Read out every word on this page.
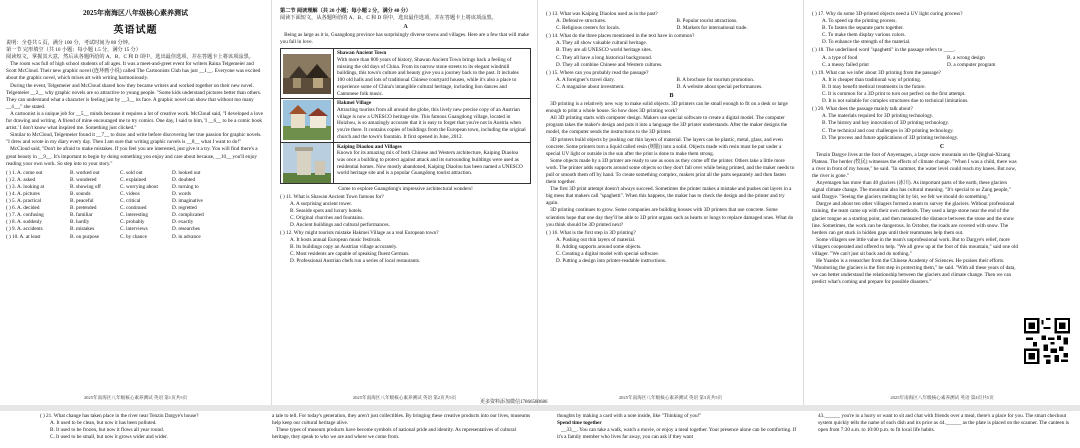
2025年南海区八年级核心素养测试
英语试题
说明：全卷共 5 页，满分 100 分，考试时间为 80 分钟。
第一节 完形填空（共 10 小题；每小题 1.5 分，满分 15 分）
阅读短文，掌握其大意，然后从各题所给的 A、B、C 和 D 项中，选出最佳选项，并在答题卡上将该项涂黑。

The room was full of high school students of all ages. It was a meet-and-greet event for writers Raina Telgemeier and Scott McCloud. Their new graphic novel (连环画小说) called The Cartoonists Club has just __1__. Everyone was excited about the graphic novel, which mixes art with writing harmoniously.

During the event, Telgemeier and McCloud shared how they became writers and worked together on their new novel. Telgemeier __2__ why graphic novels are so attractive to young people. "Some kids understand pictures better than others. They can understand what a character is feeling just by __3__ its face. A graphic novel can show that without too many __4__," she stated.

A cartoonist is a unique job for __5__ minds because it requires a lot of creative work. McCloud said, "I developed a love for drawing and writing. A friend of mine encouraged me to try comics. One day, I said to him, 'I __6__ to be a comic book artist.' I don't know what inspired me. Something just clicked."

Similar to McCloud, Telgemeier found it __7__ to draw and write before discovering her true passion for graphic novels. "I drew and wrote in my diary every day. Then I am sure that writing graphic novels is __8__ what I want to do!"

McCloud said, "Don't be afraid to make mistakes. If you feel you are interested, just give it a try. You will find there's a great beauty in __9__. It's important to begin by doing something you enjoy and care about because, __10__ you'll enjoy reading your own work. So step into to your story."

( ) 1. A. come out	B. worked out	C. sold out	D. looked out
( ) 2. A. asked	B. wondered	C. explained	D. doubted
( ) 3. A. looking at	B. showing off	C. worrying about	D. turning to
( ) 4. A. pictures	B. sounds	C. videos	D. words
( ) 5. A. practical	B. peaceful	C. critical	D. imaginative
( ) 6. A. decided	B. pretended	C. continued	D. regretted
( ) 7. A. confusing	B. familiar	C. interesting	D. complicated
( ) 8. A. suddenly	B. hardly	C. probably	D. exactly
( ) 9. A. accidents	B. mistakes	C. interviews	D. researches
( ) 10. A. at least	B. on purpose	C. by chance	D. in advance
2025年南海区八年级核心素养测试 英语 第1页共5页
第二节 阅读理解（共 20 小题；每小题 2 分，满分 40 分）
阅读下面短文，从各题所给的 A、B、C 和 D 项中，选出最佳选项，并在答题卡上将该项涂黑。
A

Being as large as it is, Guangdong province has surprisingly diverse towns and villages. Here are a few that will make you fall in love.

Shawan Ancient Town
With more than 800 years of history, Shawan Ancient Town brings back a feeling of missing the old days of China. From its narrow stone streets to its elegant windmill buildings, this town's culture and beauty give you a journey back to the past. It includes 100 old halls and lots of traditional Chinese courtyard houses, while it's also a place to experience some of China's intangible cultural heritage, including lion dances and Cantonese folk music.
Hakmei Village
Attracting tourists from all around the globe, this lively new precise copy of an Austrian village is now a UNESCO heritage site. This famous Guangdong village, located in Huizhou, is so amazingly accurate that it is easy to forget that you're not in Austria when you're there. It contains copies of buildings from the European town, including the original church and the town's fountain. It first opened in June, 2012.
Kaiping Diaolou and Villages
Known for its amazing mix of both Chinese and Western architecture, Kaiping Diaolou was once a building to protect against attack and its surrounding buildings were used as residential homes. Now mostly abandoned, Kaiping Diaolou has been named a UNESCO world heritage site and is a popular Guangdong tourist attraction.
Come to explore Guangdong's impressive architectural wonders!
( ) 11. What is Shawan Ancient Town famous for?
A. A surprising ancient tower.
B. Seaside spots and luxury hotels.
C. Original churches and fountains.
D. Ancient buildings and cultural performances.
( ) 12. Why might tourists mistake Hakmei Village as a real European town?
A. It hosts annual European music festivals.
B. Its buildings copy an Austrian village accurately.
C. Most residents are capable of speaking fluent German.
D. Professional Austrian chefs run a series of local restaurants.
2025年南海区八年级核心素养测试 英语 第2页共5页
( ) 13. What was Kaiping Diaolou used as in the past?
A. Defensive structures.	B. Popular tourist attractions.
C. Religious centers for locals.	D. Markets for international trade.
( ) 14. What do the three places mentioned in the text have in common?
A. They all show valuable cultural heritage.
B. They are all UNESCO world heritage sites.
C. They all have a long historical background.
D. They all combine Chinese and Western cultures.
( ) 15. Where can you probably read the passage?
A. A foreigner's travel diary.	B. A brochure for tourism promotion.
C. A magazine about investment.	D. A website about special performances.
B

3D printing is a relatively new way to make solid objects. 3D printers can be small enough to fit on a desk or large enough to print a whole house. So how does 3D printing work?

All 3D printing starts with computer design. Makers use special software to create a digital model. The computer program takes the maker's design and puts it into a language the 3D printer understands. After the maker designs the model, the computer sends the instructions to the 3D printer.

3D printers build objects by pushing out thin layers of material. The layers can be plastic, metal, glass, and even concrete. Some printers turn a liquid called resin (树脂) into a solid. Objects made with resin must be put under a special UV light or outside in the sun after the print is done to make them strong.

Some objects made by a 3D printer are ready to use as soon as they come off the printer. Others take a little more work. The printer adds supports around some objects so they don't fall over while being printed, and the maker needs to pull or smooth them off by hand. To create something complex, makers print all the parts separately and then fasten them together.

The first 3D print attempt doesn't always succeed. Sometimes the printer makes a mistake and pushes out layers in a big mess that makers call "spaghetti". When this happens, the maker has to check the design and the printer and try again.

3D printing continues to grow. Some companies are building houses with 3D printers that use concrete. Some scientists hope that one day they'll be able to 3D print organs such as hearts or lungs to replace damaged ones. What do you think should be 3D printed next?

( ) 16. What is the first step in 3D printing?
A. Pushing out thin layers of material.
B. Adding supports around some objects.
C. Creating a digital model with special software.
D. Putting a design into printer-readable instructions.
2025年南海区八年级核心素养测试 英语 第3页共5页
( ) 17. Why do some 3D-printed objects need a UV light curing process?
A. To speed up the printing process.
B. To fasten the separate parts together.
C. To make them display various colors.
D. To enhance the strength of the material.
( ) 18. The underlined word "spaghetti" in the passage refers to ____.
A. a type of food	B. a wrong design
C. a messy failed print	D. a computer program
( ) 19. What can we infer about 3D printing from the passage?
A. It is cheaper than traditional way of printing.
B. It may benefit medical treatments in the future.
C. It is common for a 3D print to turn out perfect on the first attempt.
D. It is not suitable for complex structures due to technical limitations.
( ) 20. What does the passage mainly talk about?
A. The materials required for 3D printing technology.
B. The history and key innovation of 3D printing technology.
C. The technical and cost challenges in 3D printing technology.
D. The process and future applications of 3D printing technology.
C

Tenzin Dargye lives at the foot of Anyemagen, a large snow mountain on the Qinghai-Xizang Plateau. The herder (牧民) witnesses the effects of climate change. "When I was a child, there was a river in front of my house," he said. "In summer, the water level could reach my knees. But now, the river is gone."

Anyemagen has more than 40 glaciers (冰川). As important parts of the earth, these glaciers signal climate change. The mountain also has cultural meaning. "It's special to us Zang people," said Dargye. "Seeing the glaciers melting bit by bit, we felt we should do something."

Dargye and about ten other villagers formed a team to survey the glaciers. Without professional training, the team came up with their own methods. They used a large stone near the end of the glacier tongue as a starting point, and then measured the distance between the stone and the snow line. Sometimes, the work can be dangerous. In October, the roads are covered with snow. The herders can get stuck in hidden gaps until their teammates help them out.

Some villagers see little value in the team's unprofessional work. But to Dargye's relief, more villagers cooperated and offered to help. "We all grew up at the foot of this mountain," said one old villager. "We can't just sit back and do nothing."

He Yuanbo is a researcher from the Chinese Academy of Sciences. He praises their efforts. "Monitoring the glaciers is the first step in protecting them," he said. "With all these years of data, we can better understand the relationship between the glaciers and climate change. Then we can predict what's coming and prepare for possible disasters."

2025年南海区八年级核心素养测试 英语 第4页共5页
更多资料添加微信17866580686
( ) 21. What change has taken place in the river near Tenzin Dargye's house?
A. It used to be clean, but now it has been polluted.
B. It used to be frozen, but now it flows all year round.
C. It used to be small, but now it grows wider and wider.
a tale to tell. For today's generation, they aren't just collectibles. By bringing these creative products into our lives, museums help keep our cultural heritage alive.
These types of museum products have become symbols of national pride and identity. As representatives of cultural heritage, they speak to who we are and where we come from.
thoughts by making a card with a note inside, like "Thinking of you!"
Spend time together
__33__. You can take a walk, watch a movie, or enjoy a meal together. Your presence alone can be comforting. If it's a family member who lives far away, you can ask if they want
43.______ you're in a hurry or want to sit and chat with friends over a meal, there's a place for you. The smart checkout system quickly tells the name of each dish and its price as 44.______ as the plate is placed on the scanner. The canteen is open from 7:30 a.m. to 10:00 p.m. to fit local life habits.
